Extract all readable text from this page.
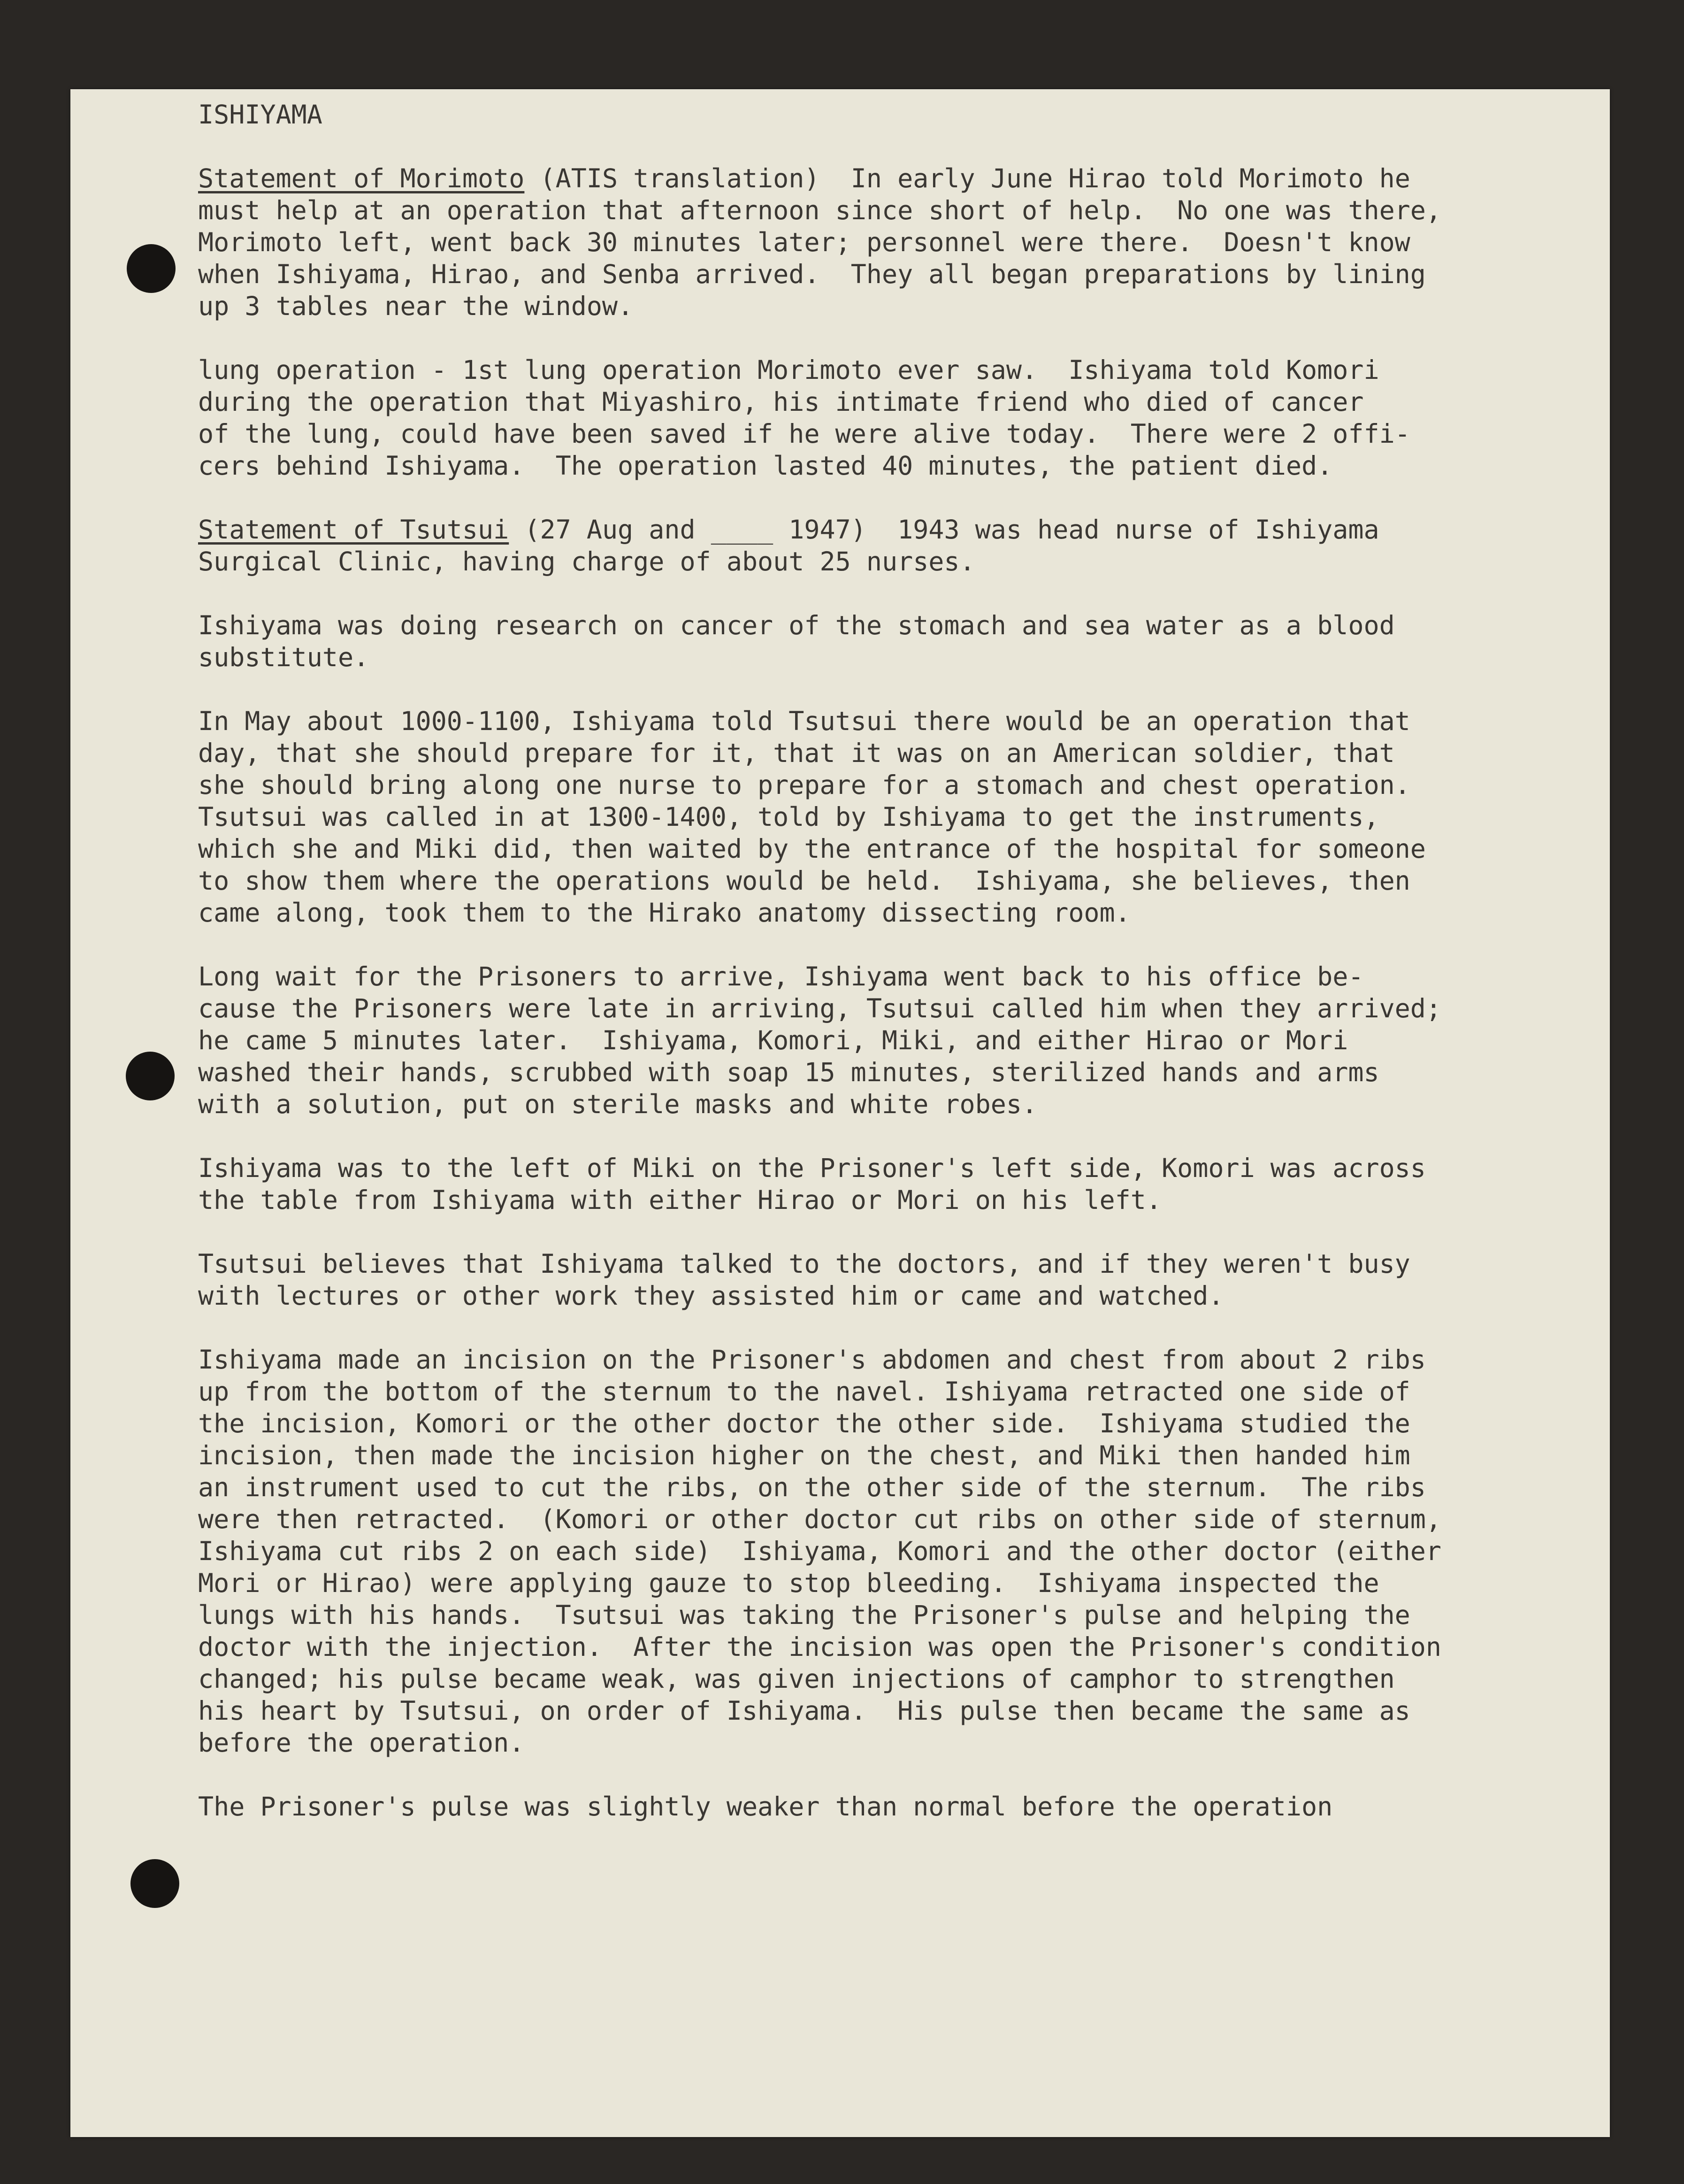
ISHIYAMA

Statement of Morimoto (ATIS translation)  In early June Hirao told Morimoto he
must help at an operation that afternoon since short of help.  No one was there,
Morimoto left, went back 30 minutes later; personnel were there.  Doesn't know
when Ishiyama, Hirao, and Senba arrived.  They all began preparations by lining
up 3 tables near the window.

lung operation - 1st lung operation Morimoto ever saw.  Ishiyama told Komori
during the operation that Miyashiro, his intimate friend who died of cancer
of the lung, could have been saved if he were alive today.  There were 2 offi-
cers behind Ishiyama.  The operation lasted 40 minutes, the patient died.

Statement of Tsutsui (27 Aug and ____ 1947)  1943 was head nurse of Ishiyama
Surgical Clinic, having charge of about 25 nurses.

Ishiyama was doing research on cancer of the stomach and sea water as a blood
substitute.

In May about 1000-1100, Ishiyama told Tsutsui there would be an operation that
day, that she should prepare for it, that it was on an American soldier, that
she should bring along one nurse to prepare for a stomach and chest operation.
Tsutsui was called in at 1300-1400, told by Ishiyama to get the instruments,
which she and Miki did, then waited by the entrance of the hospital for someone
to show them where the operations would be held.  Ishiyama, she believes, then
came along, took them to the Hirako anatomy dissecting room.

Long wait for the Prisoners to arrive, Ishiyama went back to his office be-
cause the Prisoners were late in arriving, Tsutsui called him when they arrived;
he came 5 minutes later.  Ishiyama, Komori, Miki, and either Hirao or Mori
washed their hands, scrubbed with soap 15 minutes, sterilized hands and arms
with a solution, put on sterile masks and white robes.

Ishiyama was to the left of Miki on the Prisoner's left side, Komori was across
the table from Ishiyama with either Hirao or Mori on his left.

Tsutsui believes that Ishiyama talked to the doctors, and if they weren't busy
with lectures or other work they assisted him or came and watched.

Ishiyama made an incision on the Prisoner's abdomen and chest from about 2 ribs
up from the bottom of the sternum to the navel. Ishiyama retracted one side of
the incision, Komori or the other doctor the other side.  Ishiyama studied the
incision, then made the incision higher on the chest, and Miki then handed him
an instrument used to cut the ribs, on the other side of the sternum.  The ribs
were then retracted.  (Komori or other doctor cut ribs on other side of sternum,
Ishiyama cut ribs 2 on each side)  Ishiyama, Komori and the other doctor (either
Mori or Hirao) were applying gauze to stop bleeding.  Ishiyama inspected the
lungs with his hands.  Tsutsui was taking the Prisoner's pulse and helping the
doctor with the injection.  After the incision was open the Prisoner's condition
changed; his pulse became weak, was given injections of camphor to strengthen
his heart by Tsutsui, on order of Ishiyama.  His pulse then became the same as
before the operation.

The Prisoner's pulse was slightly weaker than normal before the operation
